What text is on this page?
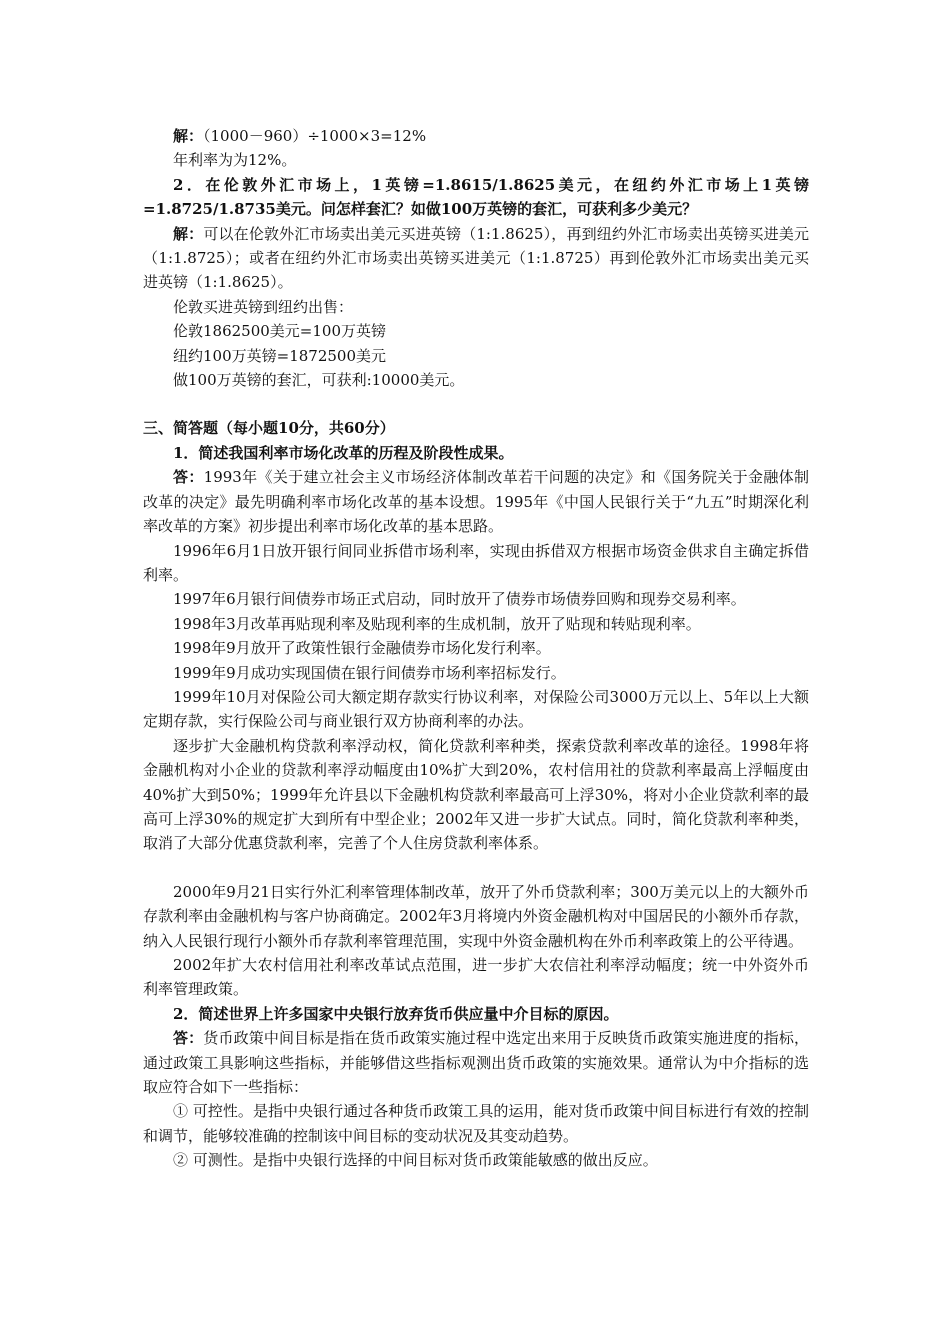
解：（1000－960）÷1000×3=12%

年利率为为12%。

2．在伦敦外汇市场上，1英镑=1.8615/1.8625美元，在纽约外汇市场上1英镑=1.8725/1.8735美元。问怎样套汇？如做100万英镑的套汇，可获利多少美元？

解：可以在伦敦外汇市场卖出美元买进英镑（1:1.8625），再到纽约外汇市场卖出英镑买进美元（1:1.8725）；或者在纽约外汇市场卖出英镑买进美元（1:1.8725）再到伦敦外汇市场卖出美元买进英镑（1:1.8625）。

伦敦买进英镑到纽约出售：

伦敦1862500美元=100万英镑

纽约100万英镑=1872500美元

做100万英镑的套汇，可获利:10000美元。

三、简答题（每小题10分，共60分）

1．简述我国利率市场化改革的历程及阶段性成果。

答：1993年《关于建立社会主义市场经济体制改革若干问题的决定》和《国务院关于金融体制改革的决定》最先明确利率市场化改革的基本设想。1995年《中国人民银行关于“九五”时期深化利率改革的方案》初步提出利率市场化改革的基本思路。

1996年6月1日放开银行间同业拆借市场利率，实现由拆借双方根据市场资金供求自主确定拆借利率。

1997年6月银行间债券市场正式启动，同时放开了债券市场债券回购和现券交易利率。

1998年3月改革再贴现利率及贴现利率的生成机制，放开了贴现和转贴现利率。

1998年9月放开了政策性银行金融债券市场化发行利率。

1999年9月成功实现国债在银行间债券市场利率招标发行。

1999年10月对保险公司大额定期存款实行协议利率，对保险公司3000万元以上、5年以上大额定期存款，实行保险公司与商业银行双方协商利率的办法。

逐步扩大金融机构贷款利率浮动权，简化贷款利率种类，探索贷款利率改革的途径。1998年将金融机构对小企业的贷款利率浮动幅度由10%扩大到20%，农村信用社的贷款利率最高上浮幅度由40%扩大到50%；1999年允许县以下金融机构贷款利率最高可上浮30%，将对小企业贷款利率的最高可上浮30%的规定扩大到所有中型企业；2002年又进一步扩大试点。同时，简化贷款利率种类，取消了大部分优惠贷款利率，完善了个人住房贷款利率体系。

2000年9月21日实行外汇利率管理体制改革，放开了外币贷款利率；300万美元以上的大额外币存款利率由金融机构与客户协商确定。2002年3月将境内外资金融机构对中国居民的小额外币存款，纳入人民银行现行小额外币存款利率管理范围，实现中外资金融机构在外币利率政策上的公平待遇。

2002年扩大农村信用社利率改革试点范围，进一步扩大农信社利率浮动幅度；统一中外资外币利率管理政策。

2．简述世界上许多国家中央银行放弃货币供应量中介目标的原因。

答：货币政策中间目标是指在货币政策实施过程中选定出来用于反映货币政策实施进度的指标，通过政策工具影响这些指标，并能够借这些指标观测出货币政策的实施效果。通常认为中介指标的选取应符合如下一些指标：

① 可控性。是指中央银行通过各种货币政策工具的运用，能对货币政策中间目标进行有效的控制和调节，能够较准确的控制该中间目标的变动状况及其变动趋势。

② 可测性。是指中央银行选择的中间目标对货币政策能敏感的做出反应。
